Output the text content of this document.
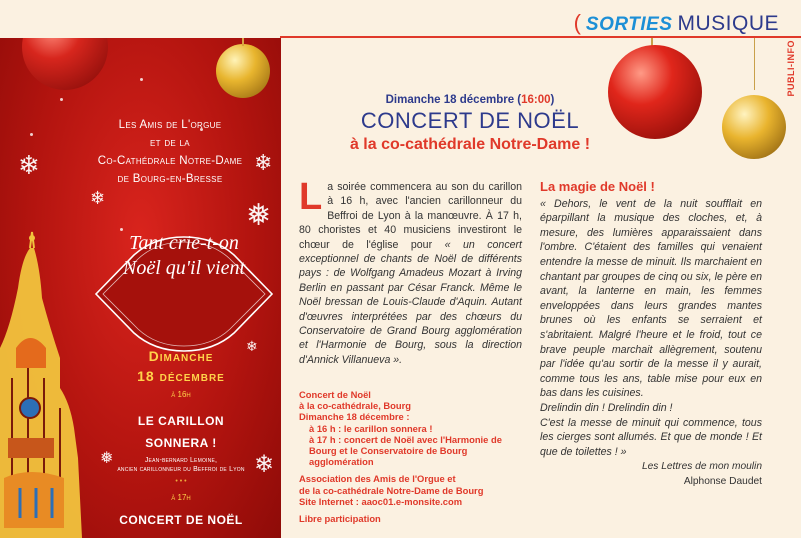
( SORTIES MUSIQUE
PUBLI-INFO
❄	❄
❅
❄
❄
❅
❄
Les Amis de L'orgue
et de la
Co-Cathédrale Notre-Dame
de Bourg-en-Bresse
Tant crie-t-on
Noël qu'il vient
Dimanche
18 décembre
à 16h
LE CARILLON
SONNERA !
Jean-bernard Lemoine,
ancien carillonneur du Beffroi de Lyon
• • •
à 17h
CONCERT DE NOËL
Dimanche 18 décembre (16:00)
CONCERT DE NOËL
à la co-cathédrale Notre-Dame !
La soirée commencera au son du carillon à 16 h, avec l'ancien carillonneur du Beffroi de Lyon à la manœuvre. À 17 h, 80 choristes et 40 musiciens investiront le chœur de l'église pour « un concert exceptionnel de chants de Noël de différents pays : de Wolfgang Amadeus Mozart à Irving Berlin en passant par César Franck. Même le Noël bressan de Louis-Claude d'Aquin. Autant d'œuvres interprétées par des chœurs du Conservatoire de Grand Bourg agglomération et l'Harmonie de Bourg, sous la direction d'Annick Villanueva ».
Concert de Noël
à la co-cathédrale, Bourg
Dimanche 18 décembre :
à 16 h : le carillon sonnera !
à 17 h : concert de Noël avec l'Harmonie de Bourg et le Conservatoire de Bourg agglomération
Association des Amis de l'Orgue et
de la co-cathédrale Notre-Dame de Bourg
Site Internet : aaoc01.e-monsite.com
Libre participation
La magie de Noël !
« Dehors, le vent de la nuit soufflait en éparpillant la musique des cloches, et, à mesure, des lumières apparaissaient dans l'ombre. C'étaient des familles qui venaient entendre la messe de minuit. Ils marchaient en chantant par groupes de cinq ou six, le père en avant, la lanterne en main, les femmes enveloppées dans leurs grandes mantes brunes où les enfants se serraient et s'abritaient. Malgré l'heure et le froid, tout ce brave peuple marchait allègrement, soutenu par l'idée qu'au sortir de la messe il y aurait, comme tous les ans, table mise pour eux en bas dans les cuisines.
Drelindin din ! Drelindin din !
C'est la messe de minuit qui commence, tous les cierges sont allumés. Et que de monde ! Et que de toilettes ! »
Les Lettres de mon moulin
Alphonse Daudet
